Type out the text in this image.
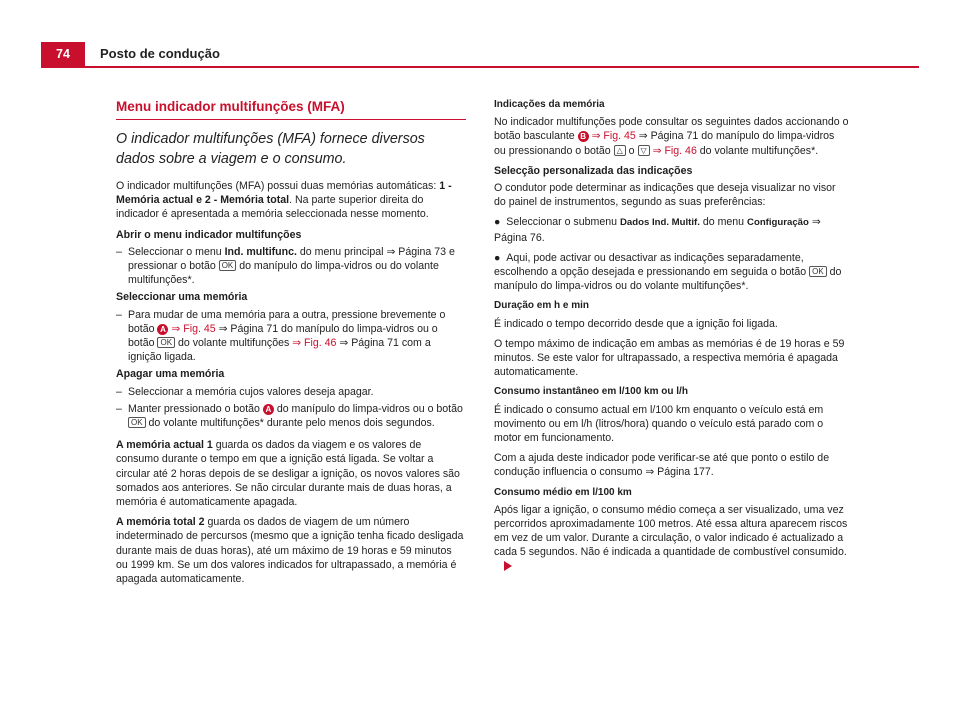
74	Posto de condução
Menu indicador multifunções (MFA)
O indicador multifunções (MFA) fornece diversos dados sobre a viagem e o consumo.

O indicador multifunções (MFA) possui duas memórias automáticas: 1 - Memória actual e 2 - Memória total. Na parte superior direita do indicador é apresentada a memória seleccionada nesse momento.

Abrir o menu indicador multifunções

– Seleccionar o menu Ind. multifunc. do menu principal ⇒ Página 73 e pressionar o botão OK do manípulo do limpa-vidros ou do volante multifunções*.

Seleccionar uma memória

– Para mudar de uma memória para a outra, pressione brevemente o botão A ⇒ Fig. 45 ⇒ Página 71 do manípulo do limpa-vidros ou o botão OK do volante multifunções ⇒ Fig. 46 ⇒ Página 71 com a ignição ligada.

Apagar uma memória

– Seleccionar a memória cujos valores deseja apagar.

– Manter pressionado o botão A do manípulo do limpa-vidros ou o botão OK do volante multifunções* durante pelo menos dois segundos.

A memória actual 1 guarda os dados da viagem e os valores de consumo durante o tempo em que a ignição está ligada. Se voltar a circular até 2 horas depois de se desligar a ignição, os novos valores são somados aos anteriores. Se não circular durante mais de duas horas, a memória é automaticamente apagada.

A memória total 2 guarda os dados de viagem de um número indeterminado de percursos (mesmo que a ignição tenha ficado desligada durante mais de duas horas), até um máximo de 19 horas e 59 minutos ou 1999 km. Se um dos valores indicados for ultrapassado, a memória é apagada automaticamente.

Indicações da memória

No indicador multifunções pode consultar os seguintes dados accionando o botão basculante B ⇒ Fig. 45 ⇒ Página 71 do manípulo do limpa-vidros ou pressionando o botão △ o ▽ ⇒ Fig. 46 do volante multifunções*.

Selecção personalizada das indicações

O condutor pode determinar as indicações que deseja visualizar no visor do painel de instrumentos, segundo as suas preferências:

● Seleccionar o submenu Dados Ind. Multif. do menu Configuração ⇒ Página 76.

● Aqui, pode activar ou desactivar as indicações separadamente, escolhendo a opção desejada e pressionando em seguida o botão OK do manípulo do limpa-vidros ou do volante multifunções*.

Duração em h e min

É indicado o tempo decorrido desde que a ignição foi ligada.

O tempo máximo de indicação em ambas as memórias é de 19 horas e 59 minutos. Se este valor for ultrapassado, a respectiva memória é apagada automaticamente.

Consumo instantâneo em l/100 km ou l/h

É indicado o consumo actual em l/100 km enquanto o veículo está em movimento ou em l/h (litros/hora) quando o veículo está parado com o motor em funcionamento.

Com a ajuda deste indicador pode verificar-se até que ponto o estilo de condução influencia o consumo ⇒ Página 177.

Consumo médio em l/100 km

Após ligar a ignição, o consumo médio começa a ser visualizado, uma vez percorridos aproximadamente 100 metros. Até essa altura aparecem riscos em vez de um valor. Durante a circulação, o valor indicado é actualizado a cada 5 segundos. Não é indicada a quantidade de combustível consumido.
